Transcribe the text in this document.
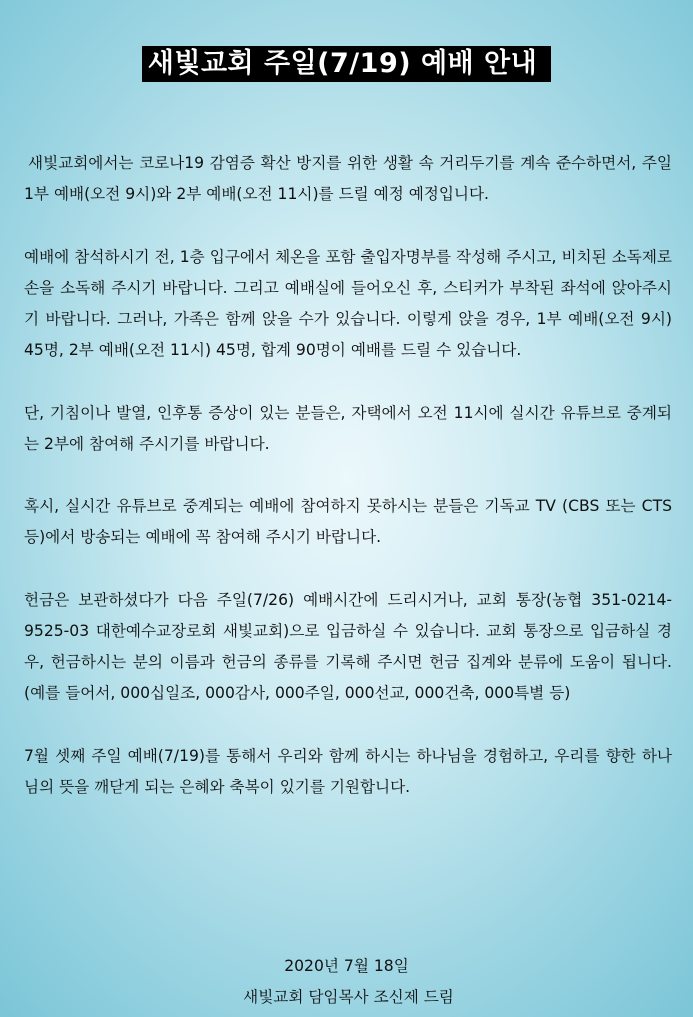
새빛교회 주일(7/19) 예배 안내

새빛교회에서는 코로나19 감염증 확산 방지를 위한 생활 속 거리두기를 계속 준수하면서, 주일 1부 예배(오전 9시)와 2부 예배(오전 11시)를 드릴 예정 예정입니다.

예배에 참석하시기 전, 1층 입구에서 체온을 포함 출입자명부를 작성해 주시고, 비치된 소독제로 손을 소독해 주시기 바랍니다. 그리고 예배실에 들어오신 후, 스티커가 부착된 좌석에 앉아주시기 바랍니다. 그러나, 가족은 함께 앉을 수가 있습니다. 이렇게 앉을 경우, 1부 예배(오전 9시) 45명, 2부 예배(오전 11시) 45명, 합계 90명이 예배를 드릴 수 있습니다.

단, 기침이나 발열, 인후통 증상이 있는 분들은, 자택에서 오전 11시에 실시간 유튜브로 중계되는 2부에 참여해 주시기를 바랍니다.

혹시, 실시간 유튜브로 중계되는 예배에 참여하지 못하시는 분들은 기독교 TV (CBS 또는 CTS 등)에서 방송되는 예배에 꼭 참여해 주시기 바랍니다.

헌금은 보관하셨다가 다음 주일(7/26) 예배시간에 드리시거나, 교회 통장(농협 351-0214-9525-03 대한예수교장로회 새빛교회)으로 입금하실 수 있습니다. 교회 통장으로 입금하실 경우, 헌금하시는 분의 이름과 헌금의 종류를 기록해 주시면 헌금 집계와 분류에 도움이 됩니다. (예를 들어서, 000십일조, 000감사, 000주일, 000선교, 000건축, 000특별 등)

7월 셋째 주일 예배(7/19)를 통해서 우리와 함께 하시는 하나님을 경험하고, 우리를 향한 하나님의 뜻을 깨닫게 되는 은혜와 축복이 있기를 기원합니다.

2020년 7월 18일
새빛교회 담임목사 조신제 드림
